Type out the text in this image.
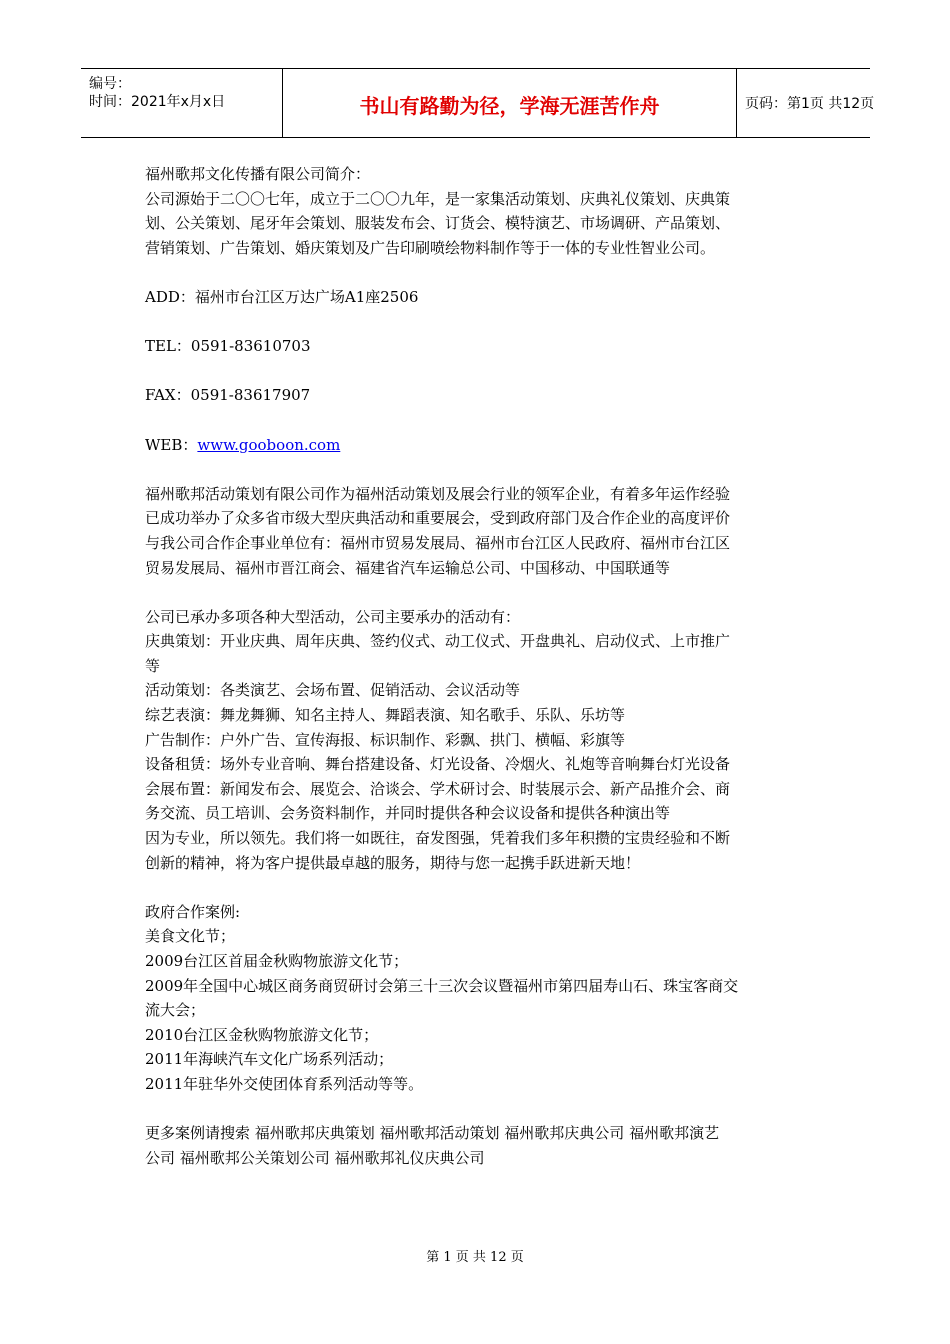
编号：
时间：2021年x月x日	书山有路勤为径，学海无涯苦作舟	页码：第1页 共12页
福州歌邦文化传播有限公司简介：
公司源始于二〇〇七年，成立于二〇〇九年，是一家集活动策划、庆典礼仪策划、庆典策
划、公关策划、尾牙年会策划、服装发布会、订货会、模特演艺、市场调研、产品策划、
营销策划、广告策划、婚庆策划及广告印刷喷绘物料制作等于一体的专业性智业公司。
ADD：福州市台江区万达广场A1座2506
TEL：0591-83610703
FAX：0591-83617907
WEB：www.gooboon.com
福州歌邦活动策划有限公司作为福州活动策划及展会行业的领军企业，有着多年运作经验
已成功举办了众多省市级大型庆典活动和重要展会，受到政府部门及合作企业的高度评价
与我公司合作企事业单位有：福州市贸易发展局、福州市台江区人民政府、福州市台江区
贸易发展局、福州市晋江商会、福建省汽车运输总公司、中国移动、中国联通等
公司已承办多项各种大型活动，公司主要承办的活动有：
庆典策划：开业庆典、周年庆典、签约仪式、动工仪式、开盘典礼、启动仪式、上市推广
等
活动策划：各类演艺、会场布置、促销活动、会议活动等
综艺表演：舞龙舞狮、知名主持人、舞蹈表演、知名歌手、乐队、乐坊等
广告制作：户外广告、宣传海报、标识制作、彩飘、拱门、横幅、彩旗等
设备租赁：场外专业音响、舞台搭建设备、灯光设备、冷烟火、礼炮等音响舞台灯光设备
会展布置：新闻发布会、展览会、洽谈会、学术研讨会、时装展示会、新产品推介会、商
务交流、员工培训、会务资料制作，并同时提供各种会议设备和提供各种演出等
因为专业，所以领先。我们将一如既往，奋发图强，凭着我们多年积攒的宝贵经验和不断
创新的精神，将为客户提供最卓越的服务，期待与您一起携手跃进新天地！
政府合作案例:
美食文化节；
2009台江区首届金秋购物旅游文化节；
2009年全国中心城区商务商贸研讨会第三十三次会议暨福州市第四届寿山石、珠宝客商交
流大会；
2010台江区金秋购物旅游文化节；
2011年海峡汽车文化广场系列活动；
2011年驻华外交使团体育系列活动等等。
更多案例请搜索 福州歌邦庆典策划 福州歌邦活动策划 福州歌邦庆典公司 福州歌邦演艺
公司 福州歌邦公关策划公司 福州歌邦礼仪庆典公司
第 1 页 共 12 页
